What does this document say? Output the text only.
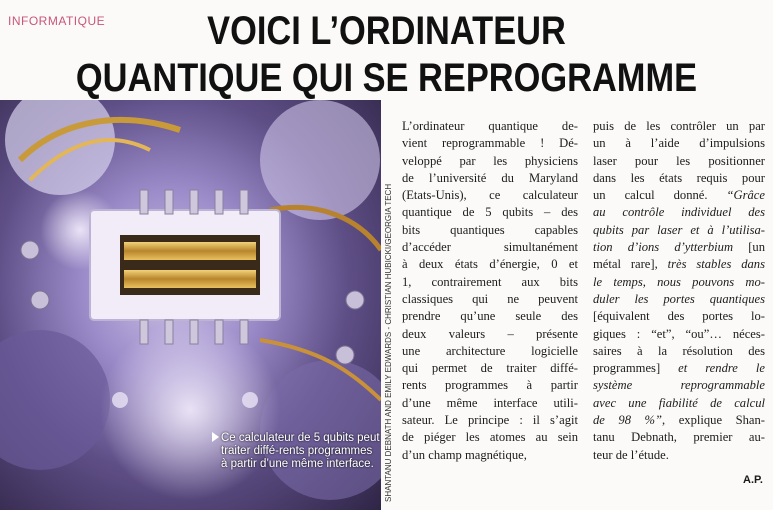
INFORMATIQUE	VOICI L’ORDINATEUR
QUANTIQUE QUI SE REPROGRAMME
Ce calculateur de 5 qubits peut traiter diffé-rents programmes à partir d’une même interface.	SHANTANU DEBNATH AND EMILY EDWARDS - CHRISTIAN HUBICKI/GEORGIA TECH
L’ordinateur quantique de-
vient reprogrammable ! Dé-
veloppé par les physiciens
de l’université du Maryland
(Etats-Unis), ce calculateur
quantique de 5 qubits – des
bits quantiques capables
d’accéder simultanément
à deux états d’énergie, 0 et
1, contrairement aux bits
classiques qui ne peuvent
prendre qu’une seule des
deux valeurs – présente
une architecture logicielle
qui permet de traiter diffé-
rents programmes à partir
d’une même interface utili-
sateur. Le principe : il s’agit
de piéger les atomes au sein
d’un champ magnétique,
puis de les contrôler un par
un à l’aide d’impulsions
laser pour les positionner
dans les états requis pour
un calcul donné. “Grâce
au contrôle individuel des
qubits par laser et à l’utilisa-
tion d’ions d’ytterbium [un
métal rare], très stables dans
le temps, nous pouvons mo-
duler les portes quantiques
[équivalent des portes lo-
giques : “et”, “ou”… néces-
saires à la résolution des
programmes] et rendre le
système reprogrammable
avec une fiabilité de calcul
de 98 %”, explique Shan-
tanu Debnath, premier au-
teur de l’étude.
A.P.
